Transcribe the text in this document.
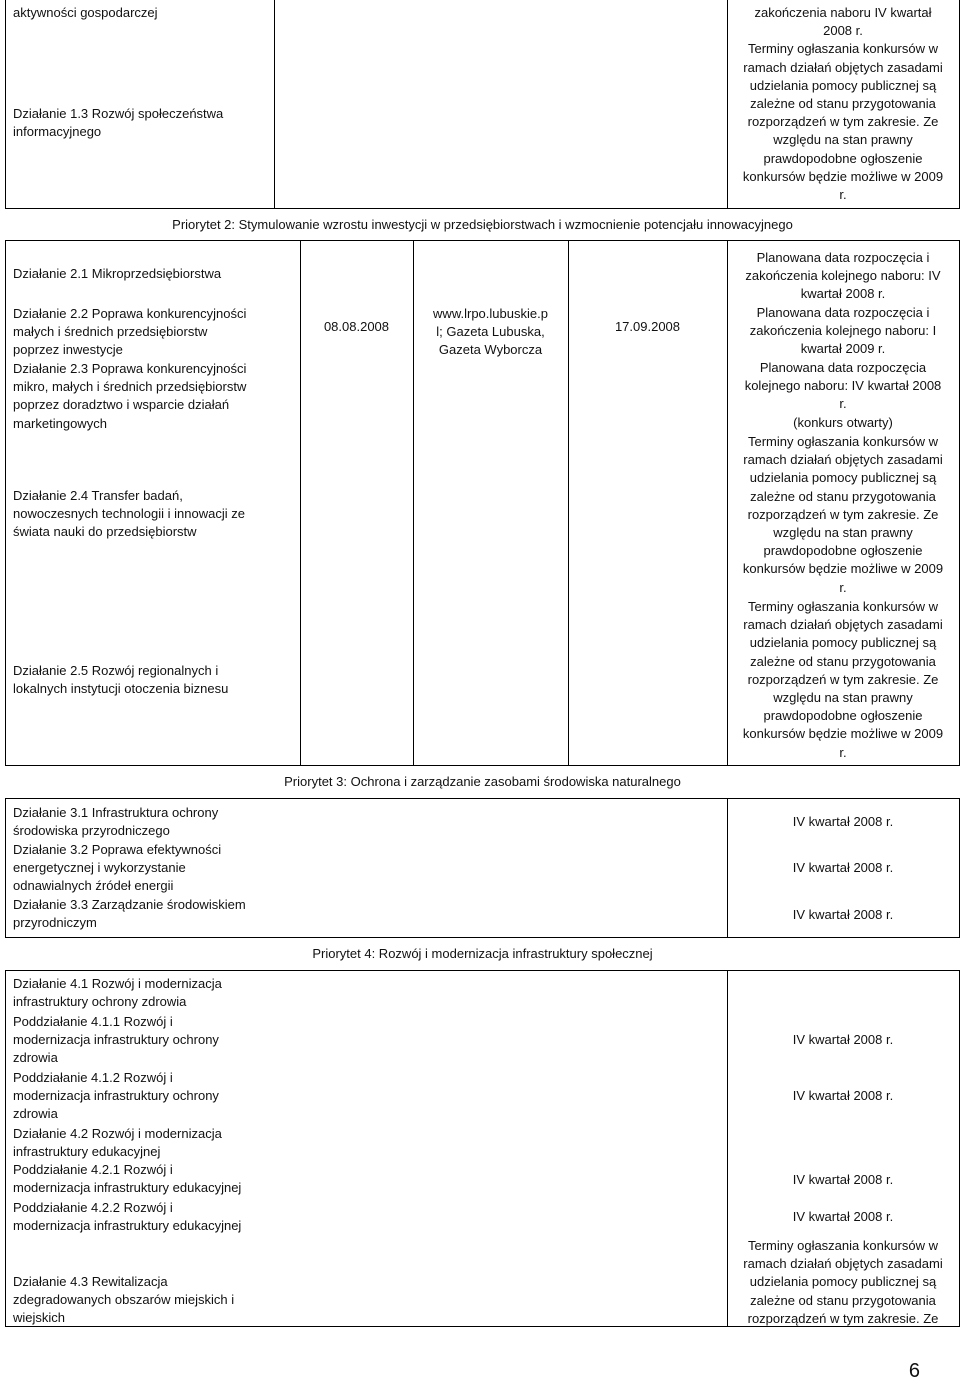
aktywności gospodarczej
Działanie 1.3 Rozwój społeczeństwa informacyjnego
zakończenia naboru IV kwartał
2008 r.
Terminy ogłaszania konkursów w
ramach działań objętych zasadami
udzielania pomocy publicznej są
zależne od stanu przygotowania
rozporządzeń w tym zakresie. Ze
względu na stan prawny
prawdopodobne ogłoszenie
konkursów będzie możliwe w 2009
r.
Priorytet 2: Stymulowanie wzrostu inwestycji w przedsiębiorstwach i wzmocnienie potencjału innowacyjnego
Działanie 2.1 Mikroprzedsiębiorstwa
Działanie 2.2 Poprawa konkurencyjności
małych i średnich przedsiębiorstw
poprzez inwestycje
Działanie 2.3 Poprawa konkurencyjności
mikro, małych i średnich przedsiębiorstw
poprzez doradztwo i wsparcie działań
marketingowych
Działanie 2.4 Transfer badań,
nowoczesnych technologii i innowacji ze
świata nauki do przedsiębiorstw
Działanie 2.5 Rozwój regionalnych i
lokalnych instytucji otoczenia biznesu
08.08.2008
www.lrpo.lubuskie.p
l; Gazeta Lubuska,
Gazeta Wyborcza
17.09.2008
Planowana data rozpoczęcia i
zakończenia kolejnego naboru: IV
kwartał 2008 r.
Planowana data rozpoczęcia i
zakończenia kolejnego naboru: I
kwartał 2009 r.
Planowana data rozpoczęcia
kolejnego naboru: IV kwartał 2008
r.
(konkurs otwarty)
Terminy ogłaszania konkursów w
ramach działań objętych zasadami
udzielania pomocy publicznej są
zależne od stanu przygotowania
rozporządzeń w tym zakresie. Ze
względu na stan prawny
prawdopodobne ogłoszenie
konkursów będzie możliwe w 2009
r.
Terminy ogłaszania konkursów w
ramach działań objętych zasadami
udzielania pomocy publicznej są
zależne od stanu przygotowania
rozporządzeń w tym zakresie. Ze
względu na stan prawny
prawdopodobne ogłoszenie
konkursów będzie możliwe w 2009
r.
Priorytet 3: Ochrona i zarządzanie zasobami środowiska naturalnego
Działanie 3.1 Infrastruktura ochrony
środowiska przyrodniczego
Działanie 3.2 Poprawa efektywności
energetycznej i wykorzystanie
odnawialnych źródeł energii
Działanie 3.3 Zarządzanie środowiskiem
przyrodniczym
IV kwartał 2008 r.
IV kwartał 2008 r.
IV kwartał 2008 r.
Priorytet 4: Rozwój i modernizacja infrastruktury społecznej
Działanie 4.1 Rozwój i modernizacja
infrastruktury ochrony zdrowia
Poddziałanie 4.1.1 Rozwój i
modernizacja infrastruktury ochrony
zdrowia
Poddziałanie 4.1.2 Rozwój i
modernizacja infrastruktury ochrony
zdrowia
Działanie 4.2 Rozwój i modernizacja
infrastruktury edukacyjnej
Poddziałanie 4.2.1 Rozwój i
modernizacja infrastruktury edukacyjnej
Poddziałanie 4.2.2 Rozwój i
modernizacja infrastruktury edukacyjnej
Działanie 4.3 Rewitalizacja
zdegradowanych obszarów miejskich i
wiejskich
IV kwartał 2008 r.
IV kwartał 2008 r.
IV kwartał 2008 r.
IV kwartał 2008 r.
Terminy ogłaszania konkursów w
ramach działań objętych zasadami
udzielania pomocy publicznej są
zależne od stanu przygotowania
rozporządzeń w tym zakresie. Ze
6
